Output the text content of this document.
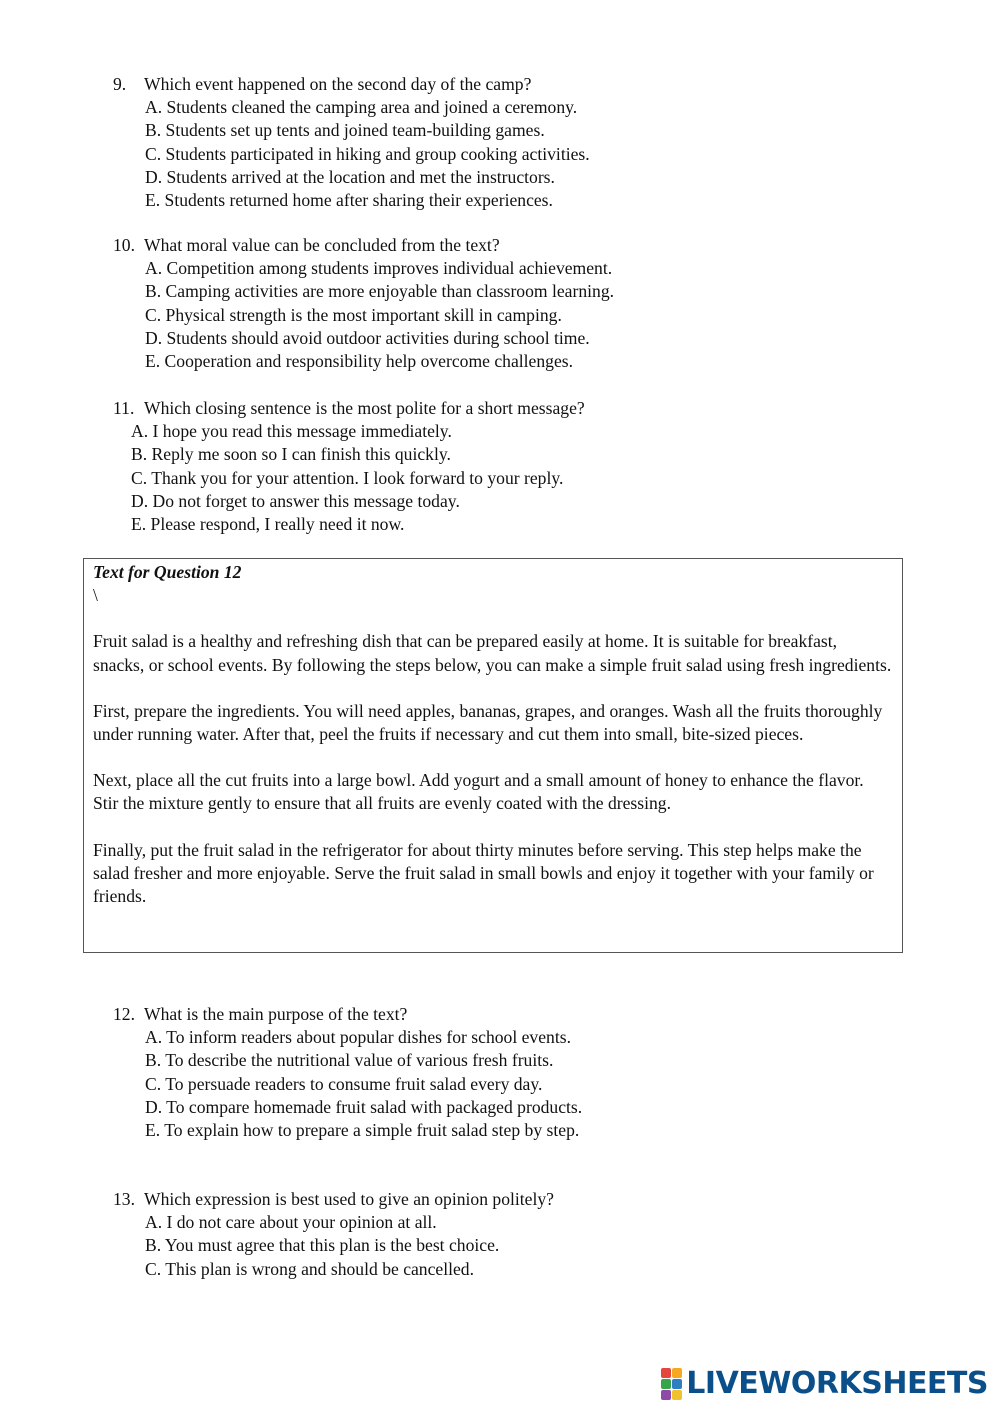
9. Which event happened on the second day of the camp?
A. Students cleaned the camping area and joined a ceremony.
B. Students set up tents and joined team-building games.
C. Students participated in hiking and group cooking activities.
D. Students arrived at the location and met the instructors.
E. Students returned home after sharing their experiences.
10. What moral value can be concluded from the text?
A. Competition among students improves individual achievement.
B. Camping activities are more enjoyable than classroom learning.
C. Physical strength is the most important skill in camping.
D. Students should avoid outdoor activities during school time.
E. Cooperation and responsibility help overcome challenges.
11. Which closing sentence is the most polite for a short message?
A. I hope you read this message immediately.
B. Reply me soon so I can finish this quickly.
C. Thank you for your attention. I look forward to your reply.
D. Do not forget to answer this message today.
E. Please respond, I really need it now.
Text for Question 12
\

Fruit salad is a healthy and refreshing dish that can be prepared easily at home. It is suitable for breakfast, snacks, or school events. By following the steps below, you can make a simple fruit salad using fresh ingredients.

First, prepare the ingredients. You will need apples, bananas, grapes, and oranges. Wash all the fruits thoroughly under running water. After that, peel the fruits if necessary and cut them into small, bite-sized pieces.

Next, place all the cut fruits into a large bowl. Add yogurt and a small amount of honey to enhance the flavor. Stir the mixture gently to ensure that all fruits are evenly coated with the dressing.

Finally, put the fruit salad in the refrigerator for about thirty minutes before serving. This step helps make the salad fresher and more enjoyable. Serve the fruit salad in small bowls and enjoy it together with your family or friends.

12. What is the main purpose of the text?
A. To inform readers about popular dishes for school events.
B. To describe the nutritional value of various fresh fruits.
C. To persuade readers to consume fruit salad every day.
D. To compare homemade fruit salad with packaged products.
E. To explain how to prepare a simple fruit salad step by step.
13. Which expression is best used to give an opinion politely?
A. I do not care about your opinion at all.
B. You must agree that this plan is the best choice.
C. This plan is wrong and should be cancelled.
LIVEWORKSHEETS
